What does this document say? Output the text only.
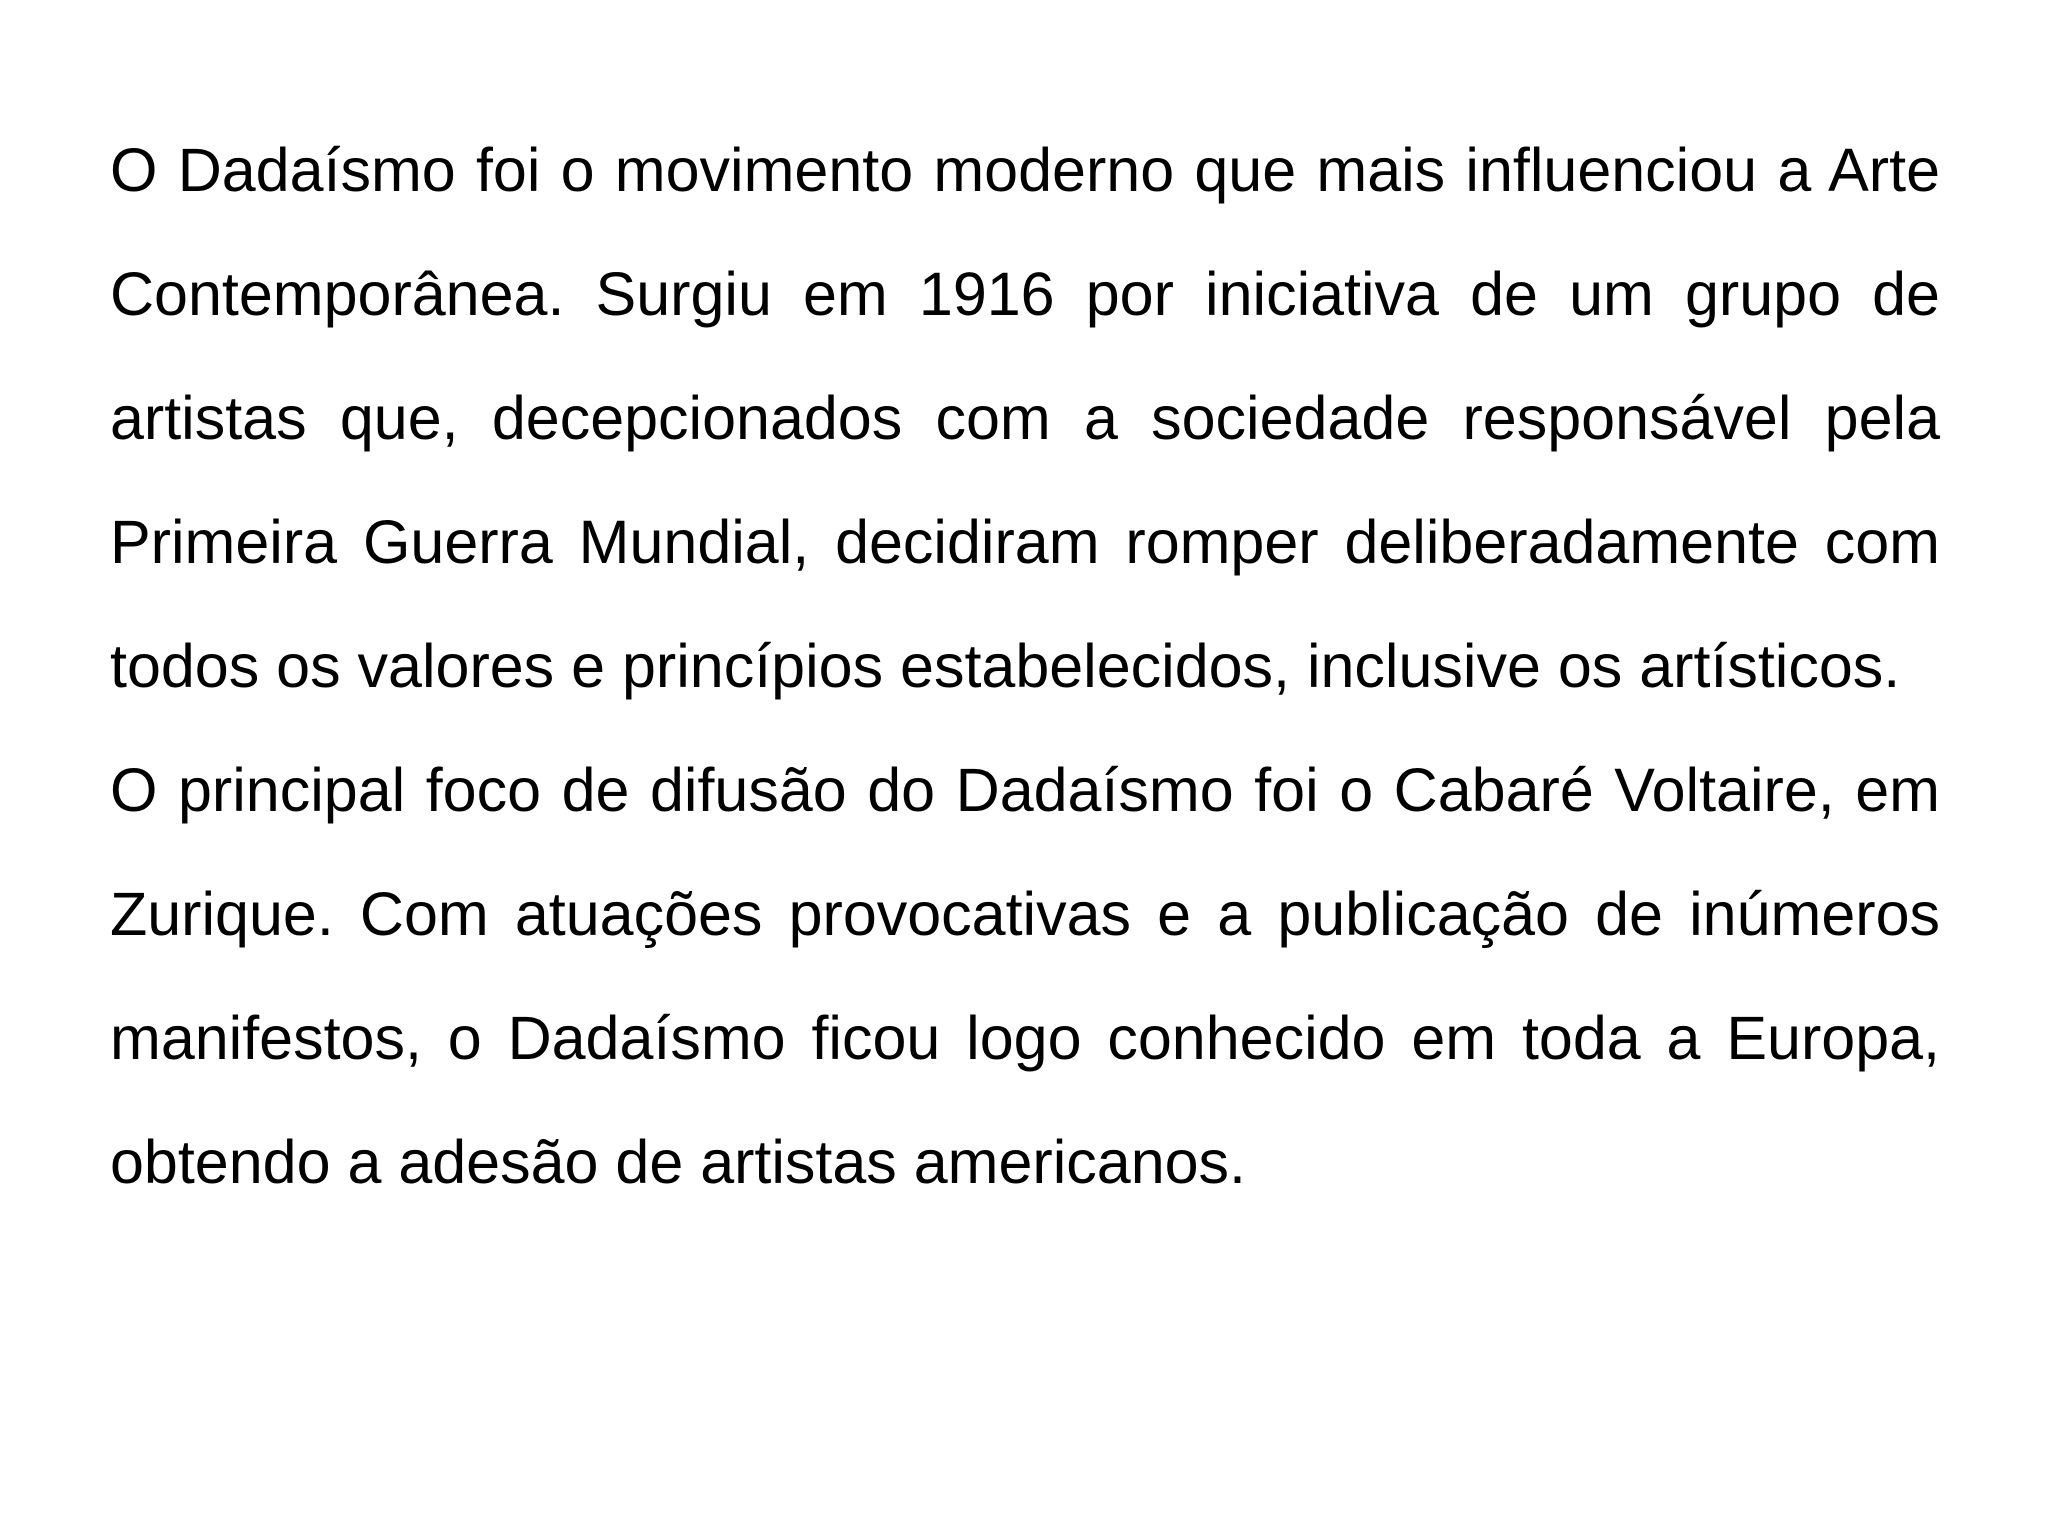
O Dadaísmo foi o movimento moderno que mais influenciou a Arte Contemporânea. Surgiu em 1916 por iniciativa de um grupo de artistas que, decepcionados com a sociedade responsável pela Primeira Guerra Mundial, decidiram romper deliberadamente com todos os valores e princípios estabelecidos, inclusive os artísticos.

O principal foco de difusão do Dadaísmo foi o Cabaré Voltaire, em Zurique. Com atuações provocativas e a publicação de inúmeros manifestos, o Dadaísmo ficou logo conhecido em toda a Europa, obtendo a adesão de artistas americanos.
